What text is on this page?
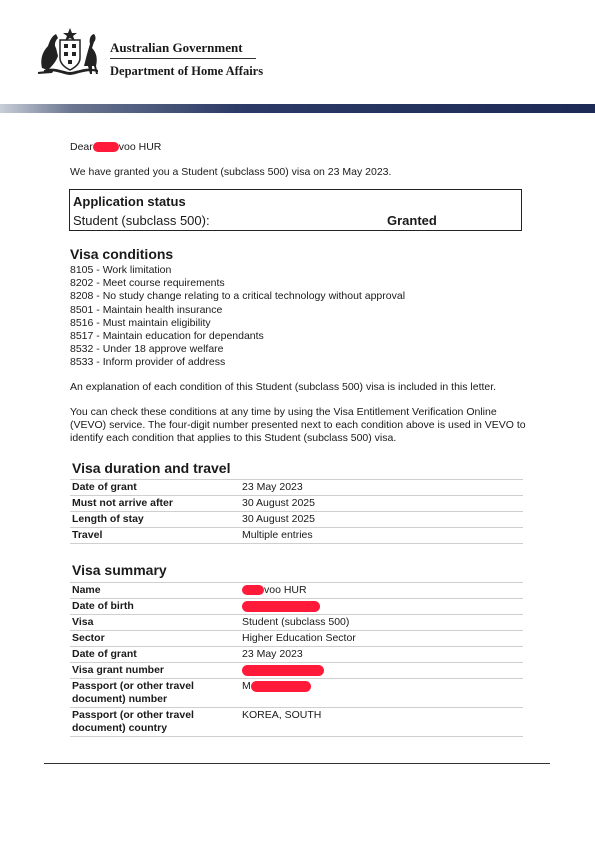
Australian Government
Department of Home Affairs
Dear voo HUR

We have granted you a Student (subclass 500) visa on 23 May 2023.

Application status
Student (subclass 500):	Granted
Visa conditions
8105 - Work limitation
8202 - Meet course requirements
8208 - No study change relating to a critical technology without approval
8501 - Maintain health insurance
8516 - Must maintain eligibility
8517 - Maintain education for dependants
8532 - Under 18 approve welfare
8533 - Inform provider of address

An explanation of each condition of this Student (subclass 500) visa is included in this letter.

You can check these conditions at any time by using the Visa Entitlement Verification Online (VEVO) service. The four-digit number presented next to each condition above is used in VEVO to identify each condition that applies to this Student (subclass 500) visa.

Visa duration and travel
Date of grant	23 May 2023
Must not arrive after	30 August 2025
Length of stay	30 August 2025
Travel	Multiple entries
Visa summary
Name	voo HUR
Date of birth	
Visa	Student (subclass 500)
Sector	Higher Education Sector
Date of grant	23 May 2023
Visa grant number	
Passport (or other travel document) number	M
Passport (or other travel document) country	KOREA, SOUTH
